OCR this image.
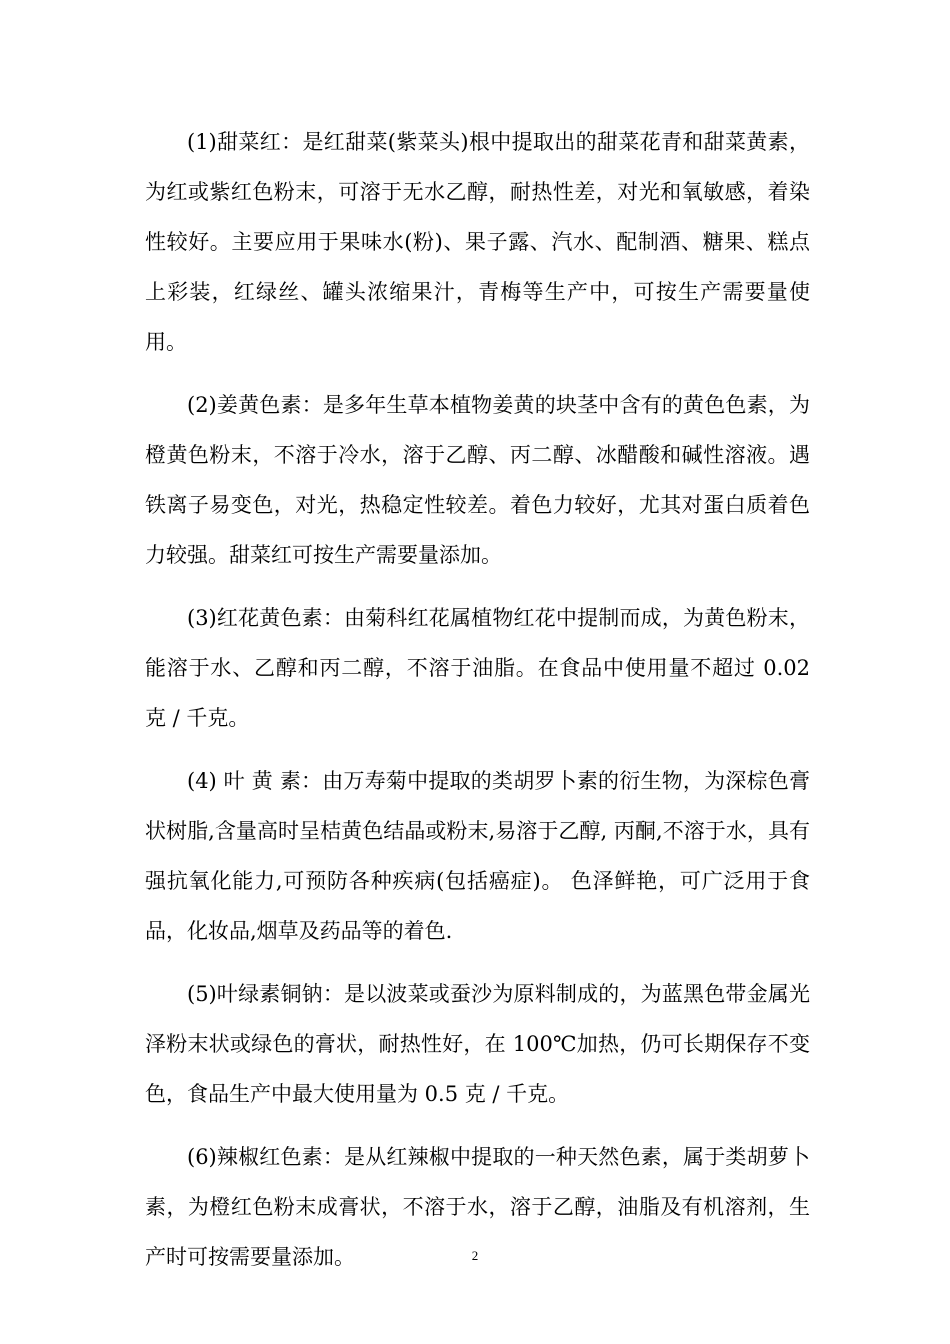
(1)甜菜红：是红甜菜(紫菜头)根中提取出的甜菜花青和甜菜黄素，为红或紫红色粉末，可溶于无水乙醇，耐热性差，对光和氧敏感，着染性较好。主要应用于果味水(粉)、果子露、汽水、配制酒、糖果、糕点上彩装，红绿丝、罐头浓缩果汁，青梅等生产中，可按生产需要量使用。

(2)姜黄色素：是多年生草本植物姜黄的块茎中含有的黄色色素，为橙黄色粉末，不溶于冷水，溶于乙醇、丙二醇、冰醋酸和碱性溶液。遇铁离子易变色，对光，热稳定性较差。着色力较好，尤其对蛋白质着色力较强。甜菜红可按生产需要量添加。

(3)红花黄色素：由菊科红花属植物红花中提制而成，为黄色粉末，能溶于水、乙醇和丙二醇，不溶于油脂。在食品中使用量不超过 0.02 克 / 千克。

(4) 叶 黄 素：由万寿菊中提取的类胡罗卜素的衍生物，为深棕色膏状树脂,含量高时呈桔黄色结晶或粉末,易溶于乙醇, 丙酮,不溶于水，具有强抗氧化能力,可预防各种疾病(包括癌症)。 色泽鲜艳，可广泛用于食品，化妆品,烟草及药品等的着色.

(5)叶绿素铜钠：是以波菜或蚕沙为原料制成的，为蓝黑色带金属光泽粉末状或绿色的膏状，耐热性好，在 100℃加热，仍可长期保存不变色，食品生产中最大使用量为 0.5 克 / 千克。

(6)辣椒红色素：是从红辣椒中提取的一种天然色素，属于类胡萝卜素，为橙红色粉末成膏状，不溶于水，溶于乙醇，油脂及有机溶剂，生产时可按需要量添加。	2
